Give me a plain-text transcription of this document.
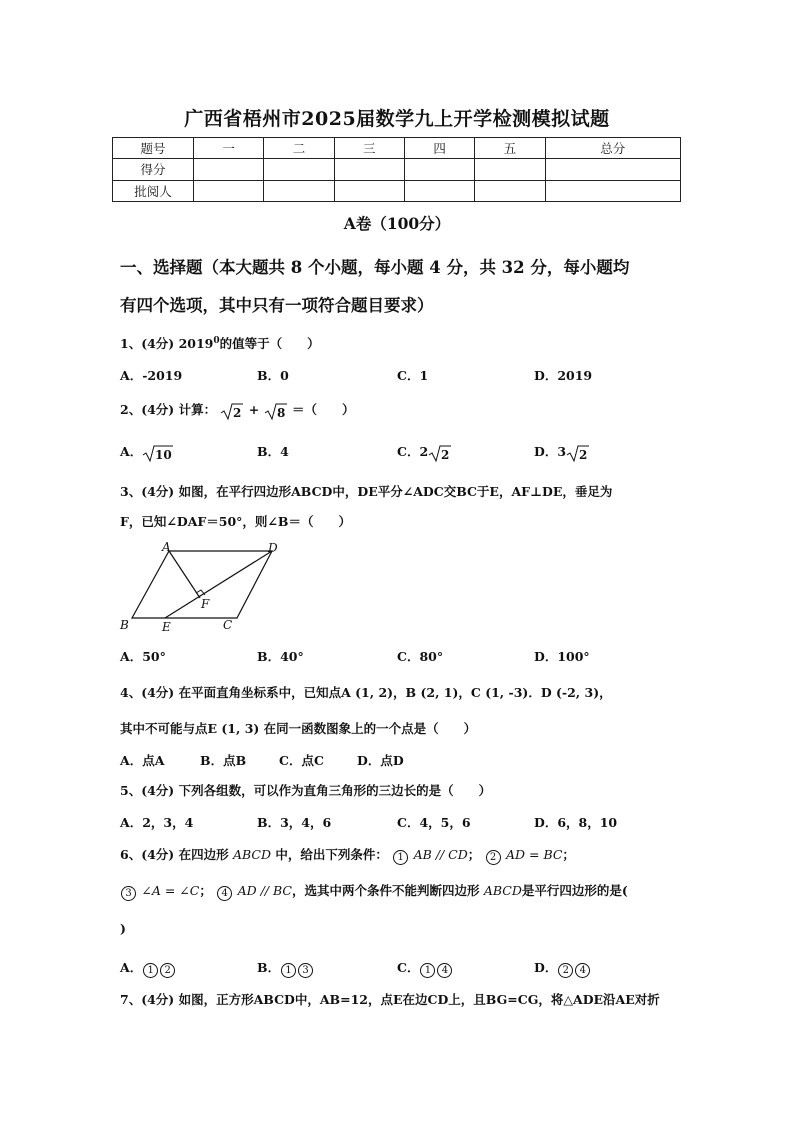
广西省梧州市2025届数学九上开学检测模拟试题
题号	一	二	三	四	五	总分
得分						
批阅人						
A卷（100分）
一、选择题（本大题共 8 个小题，每小题 4 分，共 32 分，每小题均
有四个选项，其中只有一项符合题目要求）
1、(4分) 2019$^0$的值等于（　　）
A．-2019	B．0	C．1	D．2019
2、(4分) 计算： 2 + 8 ＝（　　）
A． 10	B．4	C．2 2	D．3 2
3、(4分) 如图，在平行四边形ABCD中，DE平分∠ADC交BC于E，AF⊥DE，垂足为
F，已知∠DAF＝50°，则∠B＝（　　）
A	D
B	E	C
F
A．50°	B．40°	C．80°	D．100°
4、(4分) 在平面直角坐标系中，已知点A (1, 2)，B (2, 1)，C (1, -3)．D (-2, 3)，
其中不可能与点E (1, 3) 在同一函数图象上的一个点是（　　）
A．点A	B．点B	C．点C	D．点D
5、(4分) 下列各组数，可以作为直角三角形的三边长的是（　　）
A．2，3，4	B．3，4，6	C．4，5，6	D．6，8，10
6、(4分) 在四边形 ABCD 中，给出下列条件： 1 AB // CD； 2 AD = BC；
3 ∠A = ∠C； 4 AD // BC，选其中两个条件不能判断四边形 ABCD是平行四边形的是(
)
A． 1 2	B． 1 3	C． 1 4	D． 2 4
7、(4分) 如图，正方形ABCD中，AB=12，点E在边CD上，且BG=CG，将△ADE沿AE对折
